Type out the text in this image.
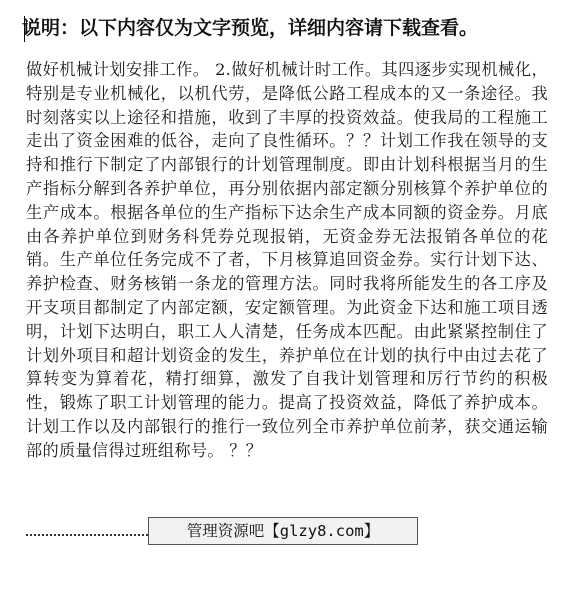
说明：以下内容仅为文字预览，详细内容请下载查看。
做好机械计划安排工作。 2.做好机械计时工作。其四逐步实现机械化，特别是专业机械化，以机代劳，是降低公路工程成本的又一条途径。我时刻落实以上途径和措施，收到了丰厚的投资效益。使我局的工程施工走出了资金困难的低谷，走向了良性循环。？？计划工作我在领导的支持和推行下制定了内部银行的计划管理制度。即由计划科根据当月的生产指标分解到各养护单位，再分别依据内部定额分别核算个养护单位的生产成本。根据各单位的生产指标下达余生产成本同额的资金券。月底由各养护单位到财务科凭券兑现报销，无资金券无法报销各单位的花销。生产单位任务完成不了者，下月核算追回资金券。实行计划下达、养护检查、财务核销一条龙的管理方法。同时我将所能发生的各工序及开支项目都制定了内部定额，安定额管理。为此资金下达和施工项目透明，计划下达明白，职工人人清楚，任务成本匹配。由此紧紧控制住了计划外项目和超计划资金的发生，养护单位在计划的执行中由过去花了算转变为算着花，精打细算，激发了自我计划管理和厉行节约的积极性，锻炼了职工计划管理的能力。提高了投资效益，降低了养护成本。计划工作以及内部银行的推行一致位列全市养护单位前茅，获交通运输部的质量信得过班组称号。 ？？
管理资源吧【glzy8.com】
